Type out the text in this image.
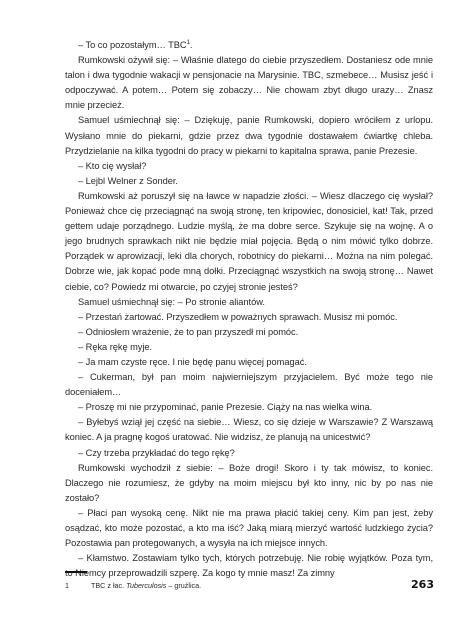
– To co pozostałym… TBC$^1$.

Rumkowski ożywił się: – Właśnie dlatego do ciebie przyszedłem. Dostaniesz ode mnie talon i dwa tygodnie wakacji w pensjonacie na Marysinie. TBC, szmebece… Musisz jeść i odpoczywać. A potem… Potem się zobaczy… Nie chowam zbyt długo urazy… Znasz mnie przecież.

Samuel uśmiechnął się: – Dziękuję, panie Rumkowski, dopiero wróciłem z urlopu. Wysłano mnie do piekarni, gdzie przez dwa tygodnie dostawałem ćwiartkę chleba. Przydzielanie na kilka tygodni do pracy w piekarni to kapitalna sprawa, panie Prezesie.

– Kto cię wysłał?

– Lejbl Welner z Sonder.

Rumkowski aż poruszył się na ławce w napadzie złości. – Wiesz dlaczego cię wysłał? Ponieważ chce cię przeciągnąć na swoją stronę, ten kripowiec, donosiciel, kat! Tak, przed gettem udaje porządnego. Ludzie myślą, że ma dobre serce. Szykuje się na wojnę. A o jego brudnych sprawkach nikt nie będzie miał pojęcia. Będą o nim mówić tylko dobrze. Porządek w aprowizacji, leki dla chorych, robotnicy do piekarni… Można na nim polegać. Dobrze wie, jak kopać pode mną dołki. Przeciągnąć wszystkich na swoją stronę… Nawet ciebie, co? Powiedz mi otwarcie, po czyjej stronie jesteś?

Samuel uśmiechnął się: – Po stronie aliantów.

– Przestań żartować. Przyszedłem w poważnych sprawach. Musisz mi pomóc.

– Odniosłem wrażenie, że to pan przyszedł mi pomóc.

– Ręka rękę myje.

– Ja mam czyste ręce. I nie będę panu więcej pomagać.

– Cukerman, był pan moim najwierniejszym przyjacielem. Być może tego nie doceniałem…

– Proszę mi nie przypominać, panie Prezesie. Ciąży na nas wielka wina.

– Byłebyś wziął jej część na siebie… Wiesz, co się dzieje w Warszawie? Z Warszawą koniec. A ja pragnę kogoś uratować. Nie widzisz, że planują na unicestwić?

– Czy trzeba przykładać do tego rękę?

Rumkowski wychodził z siebie: – Boże drogi! Skoro i ty tak mówisz, to koniec. Dlaczego nie rozumiesz, że gdyby na moim miejscu był kto inny, nic by po nas nie zostało?

– Płaci pan wysoką cenę. Nikt nie ma prawa płacić takiej ceny. Kim pan jest, żeby osądzać, kto może pozostać, a kto ma iść? Jaką miarą mierzyć wartość ludzkiego życia? Pozostawia pan protegowanych, a wysyła na ich miejsce innych.

– Kłamstwo. Zostawiam tylko tych, których potrzebuję. Nie robię wyjątków. Poza tym, to Niemcy przeprowadzili szperę. Za kogo ty mnie masz! Za zimny

1	TBC z łac. Tuberculosis – gruźlica.	263
